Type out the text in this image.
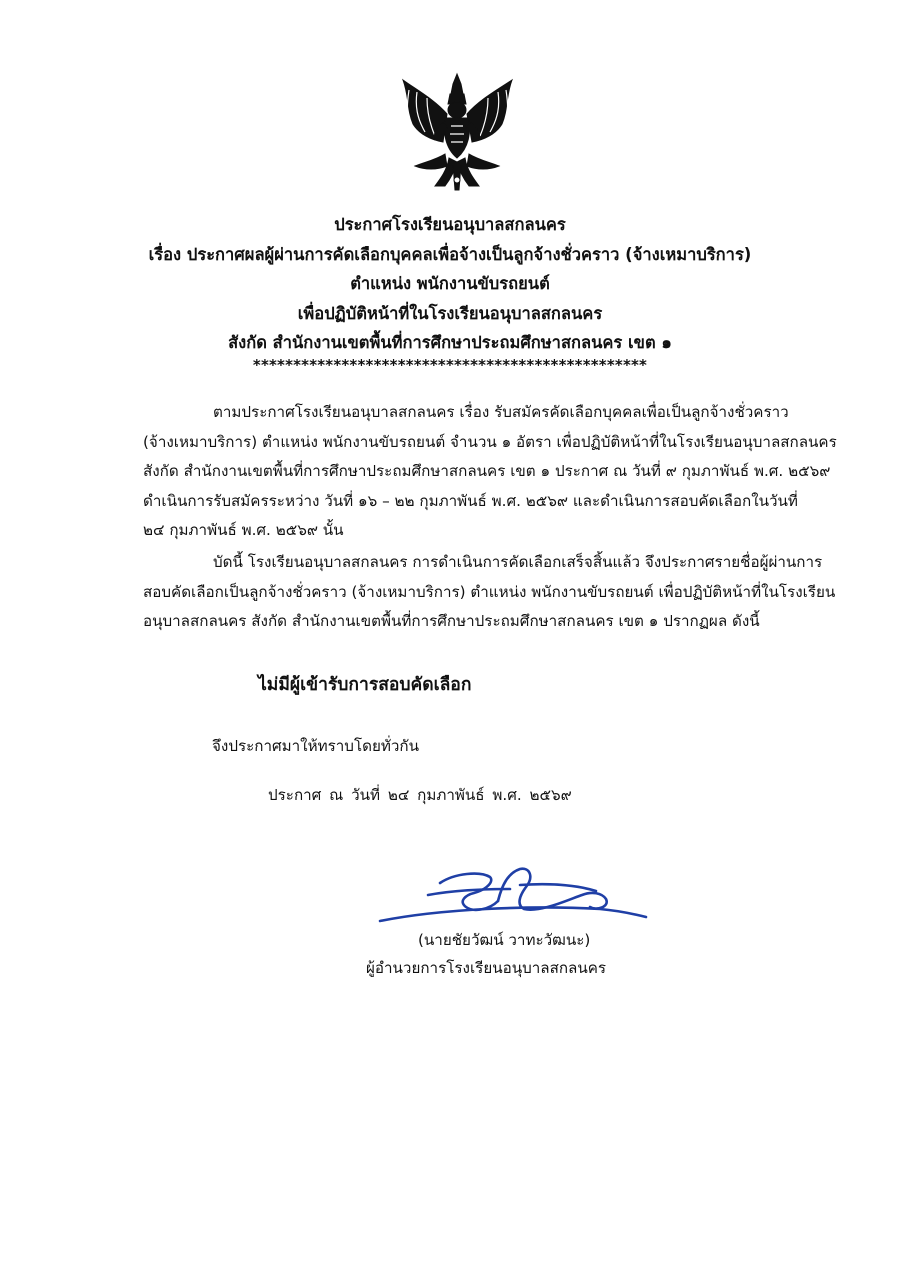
ประกาศโรงเรียนอนุบาลสกลนคร
เรื่อง ประกาศผลผู้ผ่านการคัดเลือกบุคคลเพื่อจ้างเป็นลูกจ้างชั่วคราว (จ้างเหมาบริการ)
ตำแหน่ง พนักงานขับรถยนต์
เพื่อปฏิบัติหน้าที่ในโรงเรียนอนุบาลสกลนคร
สังกัด สำนักงานเขตพื้นที่การศึกษาประถมศึกษาสกลนคร เขต ๑
*************************************************
ตามประกาศโรงเรียนอนุบาลสกลนคร เรื่อง รับสมัครคัดเลือกบุคคลเพื่อเป็นลูกจ้างชั่วคราว
(จ้างเหมาบริการ) ตำแหน่ง พนักงานขับรถยนต์ จำนวน ๑ อัตรา เพื่อปฏิบัติหน้าที่ในโรงเรียนอนุบาลสกลนคร
สังกัด สำนักงานเขตพื้นที่การศึกษาประถมศึกษาสกลนคร เขต ๑ ประกาศ ณ วันที่ ๙ กุมภาพันธ์ พ.ศ. ๒๕๖๙
ดำเนินการรับสมัครระหว่าง วันที่ ๑๖ – ๒๒ กุมภาพันธ์ พ.ศ. ๒๕๖๙ และดำเนินการสอบคัดเลือกในวันที่
๒๔ กุมภาพันธ์ พ.ศ. ๒๕๖๙ นั้น
บัดนี้ โรงเรียนอนุบาลสกลนคร การดำเนินการคัดเลือกเสร็จสิ้นแล้ว จึงประกาศรายชื่อผู้ผ่านการ
สอบคัดเลือกเป็นลูกจ้างชั่วคราว (จ้างเหมาบริการ) ตำแหน่ง พนักงานขับรถยนต์ เพื่อปฏิบัติหน้าที่ในโรงเรียน
อนุบาลสกลนคร สังกัด สำนักงานเขตพื้นที่การศึกษาประถมศึกษาสกลนคร เขต ๑ ปรากฏผล ดังนี้
ไม่มีผู้เข้ารับการสอบคัดเลือก
จึงประกาศมาให้ทราบโดยทั่วกัน
ประกาศ ณ วันที่ ๒๔ กุมภาพันธ์ พ.ศ. ๒๕๖๙
(นายชัยวัฒน์ วาทะวัฒนะ)
ผู้อำนวยการโรงเรียนอนุบาลสกลนคร
